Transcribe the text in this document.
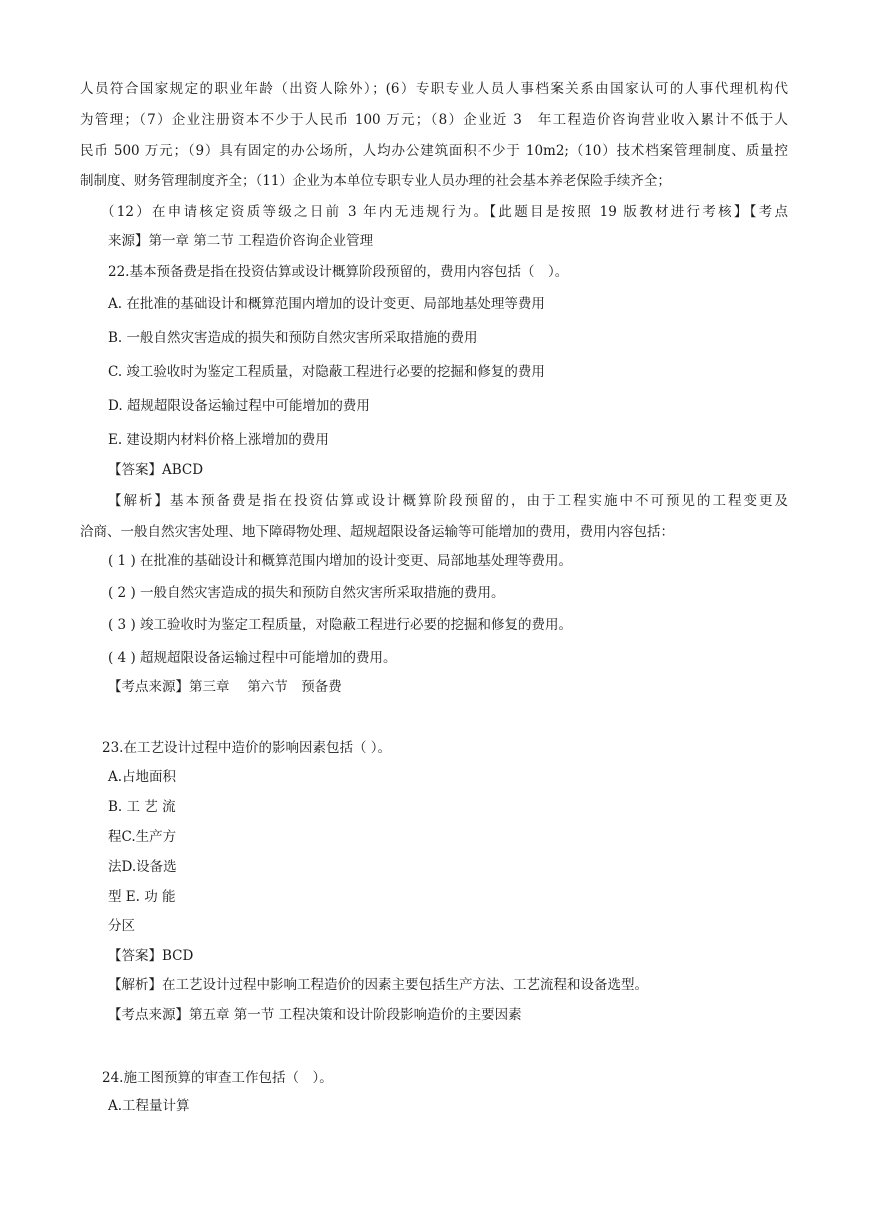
人员符合国家规定的职业年龄（出资人除外）；(6）专职专业人员人事档案关系由国家认可的人事代理机构代
为管理；（7）企业注册资本不少于人民币 100 万元；（8）企业近 3　年工程造价咨询营业收入累计不低于人
民币 500 万元；（9）具有固定的办公场所，人均办公建筑面积不少于 10m2;（10）技术档案管理制度、质量控
制制度、财务管理制度齐全；（11）企业为本单位专职专业人员办理的社会基本养老保险手续齐全；
（12）在申请核定资质等级之日前 3 年内无违规行为。【此题目是按照 19 版教材进行考核】【考点
来源】第一章 第二节 工程造价咨询企业管理
22.基本预备费是指在投资估算或设计概算阶段预留的，费用内容包括（　）。
A. 在批准的基础设计和概算范围内增加的设计变更、局部地基处理等费用
B. 一般自然灾害造成的损失和预防自然灾害所采取措施的费用
C. 竣工验收时为鉴定工程质量，对隐蔽工程进行必要的挖掘和修复的费用
D. 超规超限设备运输过程中可能增加的费用
E. 建设期内材料价格上涨增加的费用
【答案】ABCD
【解析】基本预备费是指在投资估算或设计概算阶段预留的，由于工程实施中不可预见的工程变更及
洽商、一般自然灾害处理、地下障碍物处理、超规超限设备运输等可能增加的费用，费用内容包括：
( 1 ) 在批准的基础设计和概算范围内增加的设计变更、局部地基处理等费用。
( 2 ) 一般自然灾害造成的损失和预防自然灾害所采取措施的费用。
( 3 ) 竣工验收时为鉴定工程质量，对隐蔽工程进行必要的挖掘和修复的费用。
( 4 ) 超规超限设备运输过程中可能增加的费用。
【考点来源】第三章　 第六节　预备费
23.在工艺设计过程中造价的影响因素包括（ ）。
A.占地面积
B. 工 艺 流
程C.生产方
法D.设备选
型 E. 功 能
分区
【答案】BCD
【解析】在工艺设计过程中影响工程造价的因素主要包括生产方法、工艺流程和设备选型。
【考点来源】第五章 第一节 工程决策和设计阶段影响造价的主要因素
24.施工图预算的审查工作包括（　）。
A.工程量计算
